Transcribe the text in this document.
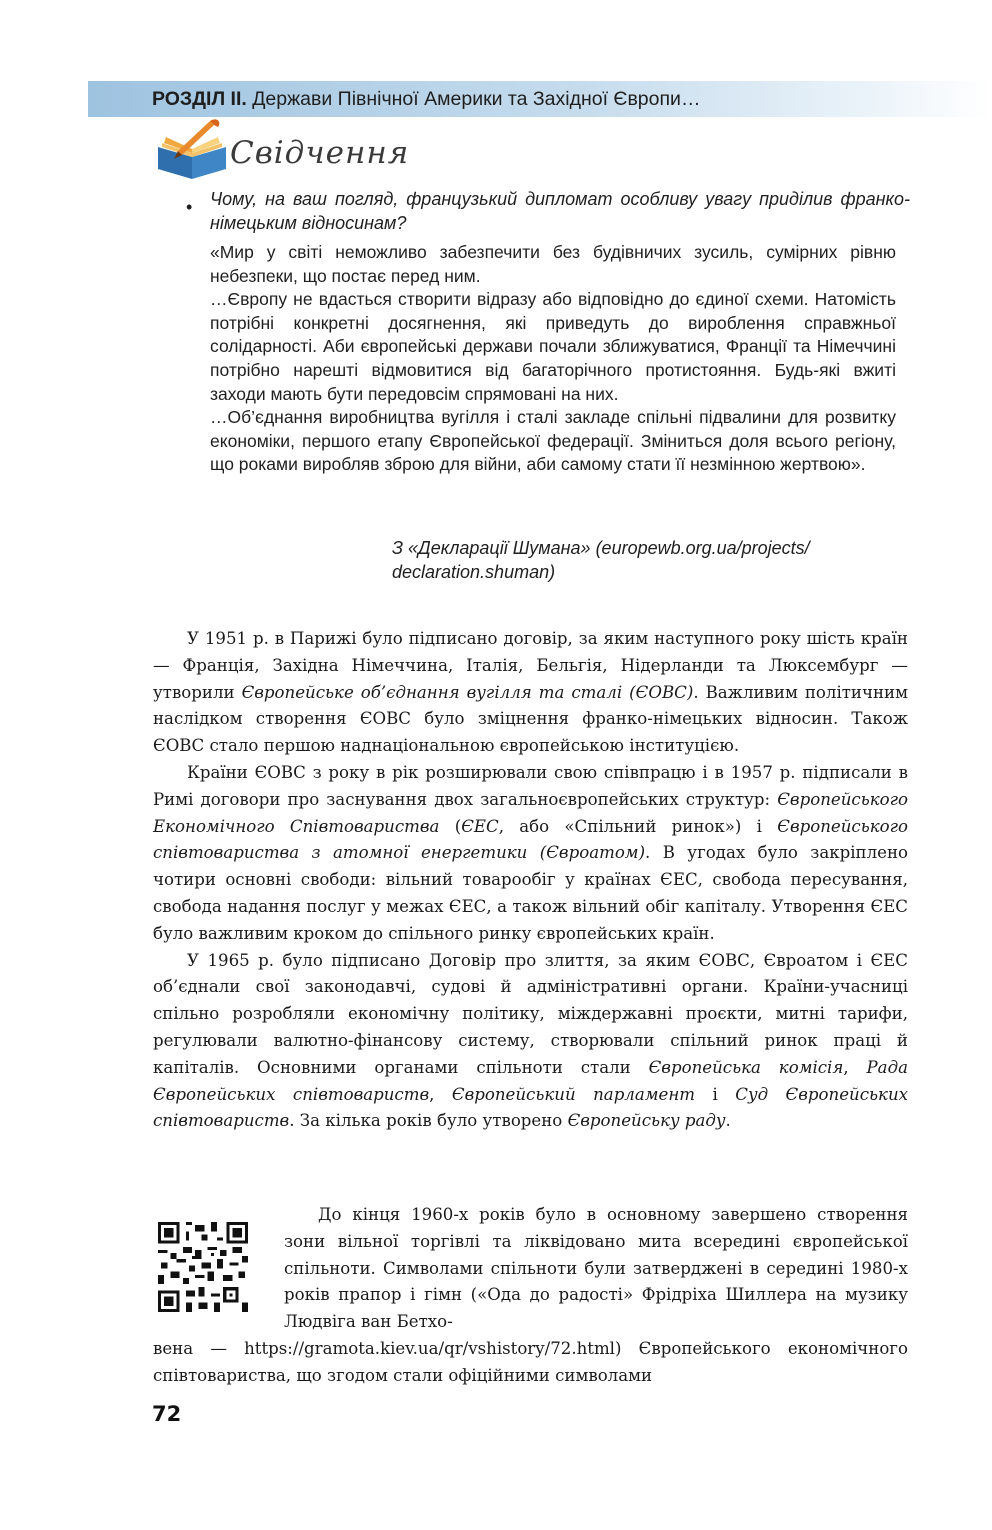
РОЗДІЛ ІІ. Держави Північної Америки та Західної Європи…
Свідчення
• Чому, на ваш погляд, французький дипломат особливу увагу приділив франко-німецьким відносинам?

«Мир у світі неможливо забезпечити без будівничих зусиль, сумірних рівню небезпеки, що постає перед ним.

…Європу не вдасться створити відразу або відповідно до єдиної схеми. Натомість потрібні конкретні досягнення, які приведуть до вироблення справжньої солідарності. Аби європейські держави почали зближуватися, Франції та Німеччині потрібно нарешті відмовитися від багаторічного протистояння. Будь-які вжиті заходи мають бути передовсім спрямовані на них.

…Об’єднання виробництва вугілля і сталі закладе спільні підвалини для розвитку економіки, першого етапу Європейської федерації. Зміниться доля всього регіону, що роками виробляв зброю для війни, аби самому стати її незмінною жертвою».

З «Декларації Шумана» (europewb.org.ua/projects/
declaration.shuman)

У 1951 р. в Парижі було підписано договір, за яким наступного року шість країн — Франція, Західна Німеччина, Італія, Бельгія, Нідерланди та Люксембург — утворили Європейське об’єднання вугілля та сталі (ЄОВС). Важливим політичним наслідком створення ЄОВС було зміцнення франко-німецьких відносин. Також ЄОВС стало першою наднаціональною європейською інституцією.

Країни ЄОВС з року в рік розширювали свою співпрацю і в 1957 р. підписали в Римі договори про заснування двох загальноєвропейських структур: Європейського Економічного Співтовариства (ЄЕС, або «Спільний ринок») і Європейського співтовариства з атомної енергетики (Євроатом). В угодах було закріплено чотири основні свободи: вільний товарообіг у країнах ЄЕС, свобода пересування, свобода надання послуг у межах ЄЕС, а також вільний обіг капіталу. Утворення ЄЕС було важливим кроком до спільного ринку європейських країн.

У 1965 р. було підписано Договір про злиття, за яким ЄОВС, Євроатом і ЄЕС об’єднали свої законодавчі, судові й адміністративні органи. Країни-учасниці спільно розробляли економічну політику, міждержавні проєкти, митні тарифи, регулювали валютно-фінансову систему, створювали спільний ринок праці й капіталів. Основними органами спільноти стали Європейська комісія, Рада Європейських співтовариств, Європейський парламент і Суд Європейських співтовариств. За кілька років було утворено Європейську раду.

До кінця 1960-х років було в основному завершено створення зони вільної торгівлі та ліквідовано мита всередині європейської спільноти. Символами спільноти були затверджені в середині 1980-х років прапор і гімн («Ода до радості» Фрідріха Шиллера на музику Людвіга ван Бетхо-

вена — https://gramota.kiev.ua/qr/vshistory/72.html) Європейського економічного співтовариства, що згодом стали офіційними символами

72
